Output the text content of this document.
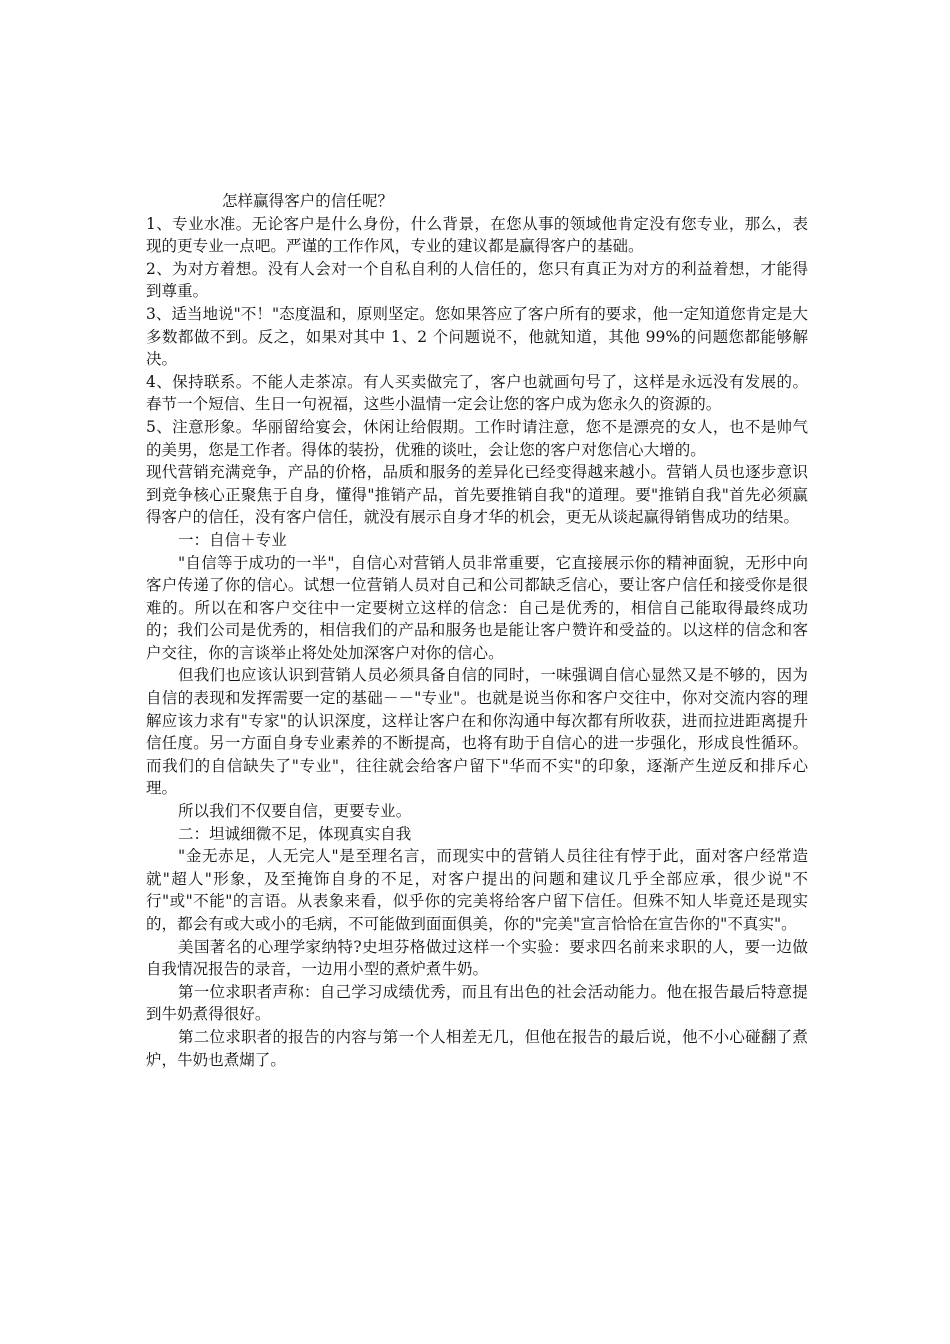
怎样赢得客户的信任呢？

1、专业水准。无论客户是什么身份，什么背景，在您从事的领域他肯定没有您专业，那么，表现的更专业一点吧。严谨的工作作风，专业的建议都是赢得客户的基础。

2、为对方着想。没有人会对一个自私自利的人信任的，您只有真正为对方的利益着想，才能得到尊重。

3、适当地说"不！"态度温和，原则坚定。您如果答应了客户所有的要求，他一定知道您肯定是大多数都做不到。反之，如果对其中 1、2 个问题说不，他就知道，其他 99%的问题您都能够解决。

4、保持联系。不能人走茶凉。有人买卖做完了，客户也就画句号了，这样是永远没有发展的。春节一个短信、生日一句祝福，这些小温情一定会让您的客户成为您永久的资源的。

5、注意形象。华丽留给宴会，休闲让给假期。工作时请注意，您不是漂亮的女人，也不是帅气的美男，您是工作者。得体的装扮，优雅的谈吐，会让您的客户对您信心大增的。

现代营销充满竞争，产品的价格，品质和服务的差异化已经变得越来越小。营销人员也逐步意识到竞争核心正聚焦于自身，懂得"推销产品，首先要推销自我"的道理。要"推销自我"首先必须赢得客户的信任，没有客户信任，就没有展示自身才华的机会，更无从谈起赢得销售成功的结果。

一：自信＋专业

"自信等于成功的一半"，自信心对营销人员非常重要，它直接展示你的精神面貌，无形中向客户传递了你的信心。试想一位营销人员对自己和公司都缺乏信心，要让客户信任和接受你是很难的。所以在和客户交往中一定要树立这样的信念：自己是优秀的，相信自己能取得最终成功的；我们公司是优秀的，相信我们的产品和服务也是能让客户赞许和受益的。以这样的信念和客户交往，你的言谈举止将处处加深客户对你的信心。

但我们也应该认识到营销人员必须具备自信的同时，一味强调自信心显然又是不够的，因为自信的表现和发挥需要一定的基础－－"专业"。也就是说当你和客户交往中，你对交流内容的理解应该力求有"专家"的认识深度，这样让客户在和你沟通中每次都有所收获，进而拉进距离提升信任度。另一方面自身专业素养的不断提高，也将有助于自信心的进一步强化，形成良性循环。而我们的自信缺失了"专业"，往往就会给客户留下"华而不实"的印象，逐渐产生逆反和排斥心理。

所以我们不仅要自信，更要专业。

二：坦诚细微不足，体现真实自我

"金无赤足，人无完人"是至理名言，而现实中的营销人员往往有悖于此，面对客户经常造就"超人"形象，及至掩饰自身的不足，对客户提出的问题和建议几乎全部应承，很少说"不行"或"不能"的言语。从表象来看，似乎你的完美将给客户留下信任。但殊不知人毕竟还是现实的，都会有或大或小的毛病，不可能做到面面俱美，你的"完美"宣言恰恰在宣告你的"不真实"。

美国著名的心理学家纳特?史坦芬格做过这样一个实验：要求四名前来求职的人，要一边做自我情况报告的录音，一边用小型的煮炉煮牛奶。

第一位求职者声称：自己学习成绩优秀，而且有出色的社会活动能力。他在报告最后特意提到牛奶煮得很好。

第二位求职者的报告的内容与第一个人相差无几，但他在报告的最后说，他不小心碰翻了煮炉，牛奶也煮煳了。
